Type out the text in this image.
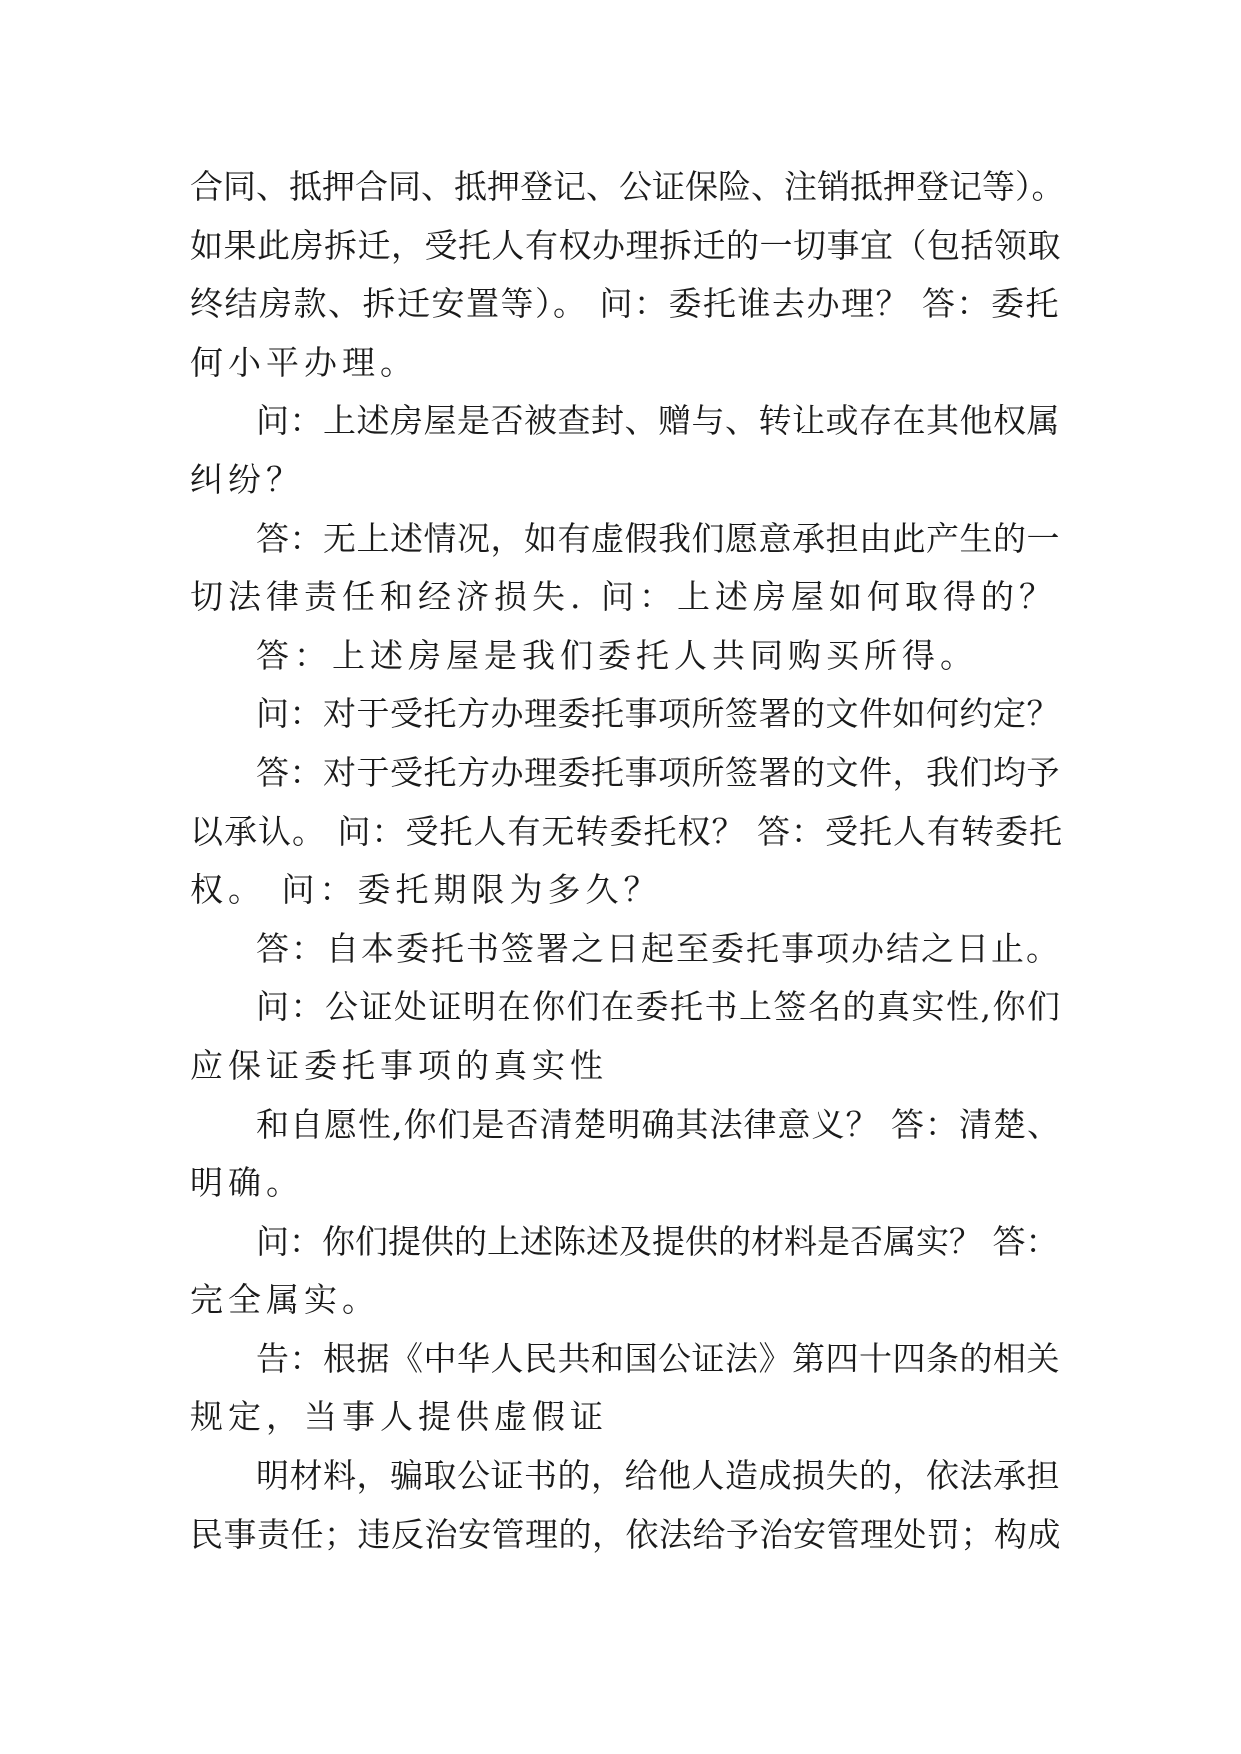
合同、抵押合同、抵押登记、公证保险、注销抵押登记等）。
如果此房拆迁，受托人有权办理拆迁的一切事宜（包括领取
终结房款、拆迁安置等）。 问：委托谁去办理？ 答：委托
何小平办理。
问：上述房屋是否被查封、赠与、转让或存在其他权属
纠纷？
答：无上述情况，如有虚假我们愿意承担由此产生的一
切法律责任和经济损失. 问：上述房屋如何取得的？
答：上述房屋是我们委托人共同购买所得。
问：对于受托方办理委托事项所签署的文件如何约定？
答：对于受托方办理委托事项所签署的文件，我们均予
以承认。 问：受托人有无转委托权？ 答：受托人有转委托
权。 问：委托期限为多久？
答：自本委托书签署之日起至委托事项办结之日止。
问：公证处证明在你们在委托书上签名的真实性,你们
应保证委托事项的真实性
和自愿性,你们是否清楚明确其法律意义？ 答：清楚、
明确。
问：你们提供的上述陈述及提供的材料是否属实？ 答：
完全属实。
告：根据《中华人民共和国公证法》第四十四条的相关
规定，当事人提供虚假证
明材料，骗取公证书的，给他人造成损失的，依法承担
民事责任；违反治安管理的，依法给予治安管理处罚；构成
